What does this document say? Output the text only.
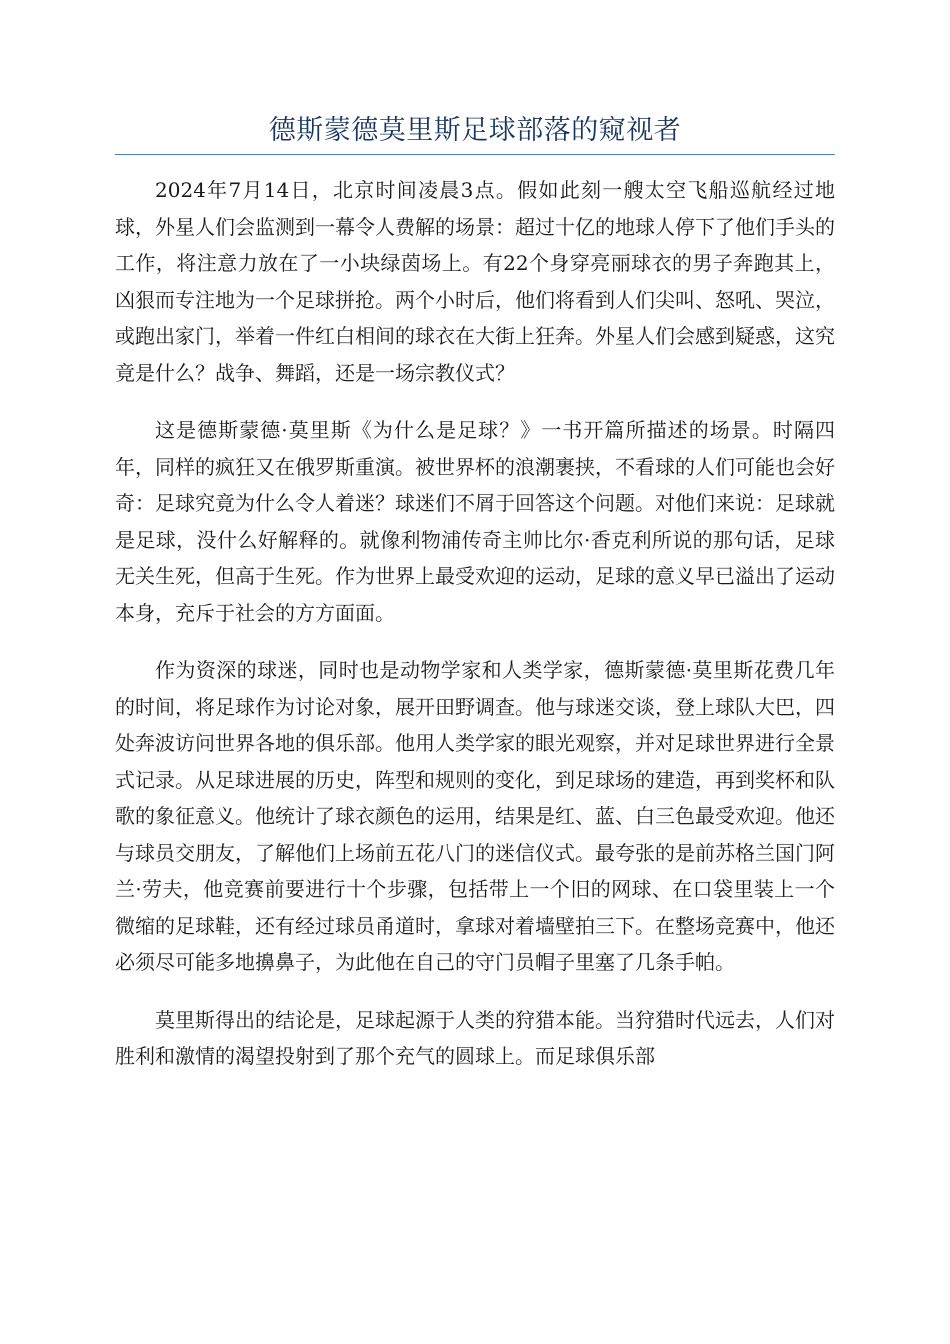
德斯蒙德莫里斯足球部落的窥视者

2024年7月14日，北京时间凌晨3点。假如此刻一艘太空飞船巡航经过地球，外星人们会监测到一幕令人费解的场景：超过十亿的地球人停下了他们手头的工作，将注意力放在了一小块绿茵场上。有22个身穿亮丽球衣的男子奔跑其上，凶狠而专注地为一个足球拼抢。两个小时后，他们将看到人们尖叫、怒吼、哭泣，或跑出家门，举着一件红白相间的球衣在大街上狂奔。外星人们会感到疑惑，这究竟是什么？战争、舞蹈，还是一场宗教仪式？

这是德斯蒙德·莫里斯《为什么是足球？》一书开篇所描述的场景。时隔四年，同样的疯狂又在俄罗斯重演。被世界杯的浪潮裹挟，不看球的人们可能也会好奇：足球究竟为什么令人着迷？球迷们不屑于回答这个问题。对他们来说：足球就是足球，没什么好解释的。就像利物浦传奇主帅比尔·香克利所说的那句话，足球无关生死，但高于生死。作为世界上最受欢迎的运动，足球的意义早已溢出了运动本身，充斥于社会的方方面面。

作为资深的球迷，同时也是动物学家和人类学家，德斯蒙德·莫里斯花费几年的时间，将足球作为讨论对象，展开田野调查。他与球迷交谈，登上球队大巴，四处奔波访问世界各地的俱乐部。他用人类学家的眼光观察，并对足球世界进行全景式记录。从足球进展的历史，阵型和规则的变化，到足球场的建造，再到奖杯和队歌的象征意义。他统计了球衣颜色的运用，结果是红、蓝、白三色最受欢迎。他还与球员交朋友，了解他们上场前五花八门的迷信仪式。最夸张的是前苏格兰国门阿兰·劳夫，他竞赛前要进行十个步骤，包括带上一个旧的网球、在口袋里装上一个微缩的足球鞋，还有经过球员甬道时，拿球对着墙壁拍三下。在整场竞赛中，他还必须尽可能多地擤鼻子，为此他在自己的守门员帽子里塞了几条手帕。

莫里斯得出的结论是，足球起源于人类的狩猎本能。当狩猎时代远去，人们对胜利和激情的渴望投射到了那个充气的圆球上。而足球俱乐部
